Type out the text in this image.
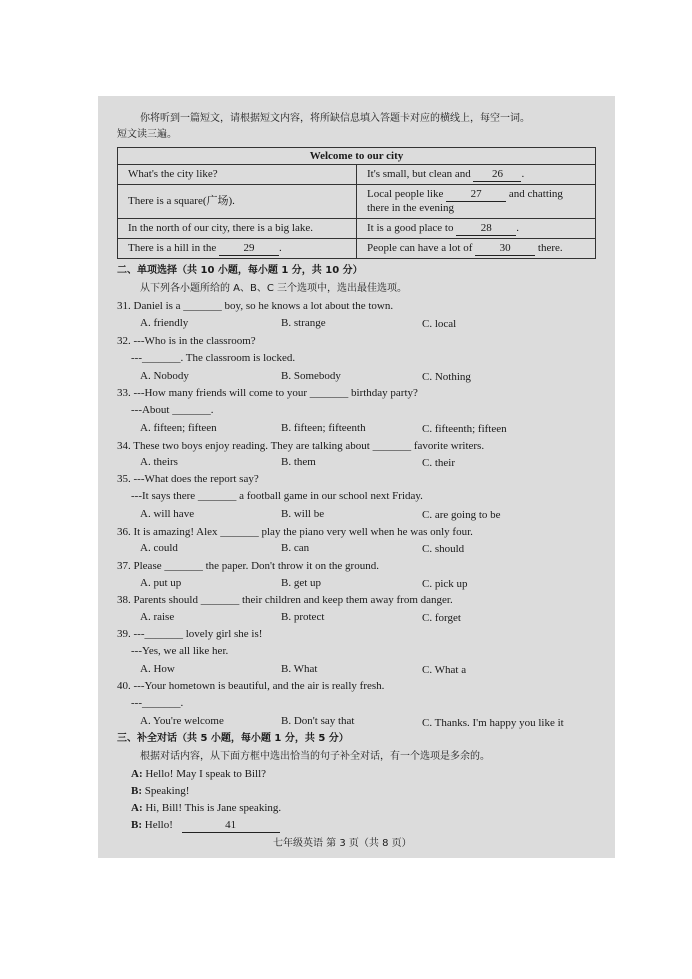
你将听到一篇短文，请根据短文内容，将所缺信息填入答题卡对应的横线上，每空一词。
短文读三遍。
Welcome to our city	
What's the city like?	It's small, but clean and 26 .
There is a square(广场).	Local people like 27 and chatting
there in the evening
In the north of our city, there is a big lake.	It is a good place to 28 .
There is a hill in the 29 .	People can have a lot of 30 there.
二、单项选择（共 10 小题，每小题 1 分，共 10 分）
从下列各小题所给的 A、B、C 三个选项中，选出最佳选项。
31. Daniel is a _______ boy, so he knows a lot about the town.
A. friendly	B. strange	C. local
32. ---Who is in the classroom?
---_______. The classroom is locked.
A. Nobody	B. Somebody	C. Nothing
33. ---How many friends will come to your _______ birthday party?
---About _______.
A. fifteen; fifteen	B. fifteen; fifteenth	C. fifteenth; fifteen
34. These two boys enjoy reading. They are talking about _______ favorite writers.
A. theirs	B. them	C. their
35. ---What does the report say?
---It says there _______ a football game in our school next Friday.
A. will have	B. will be	C. are going to be
36. It is amazing! Alex _______ play the piano very well when he was only four.
A. could	B. can	C. should
37. Please _______ the paper. Don't throw it on the ground.
A. put up	B. get up	C. pick up
38. Parents should _______ their children and keep them away from danger.
A. raise	B. protect	C. forget
39. ---_______ lovely girl she is!
---Yes, we all like her.
A. How	B. What	C. What a
40. ---Your hometown is beautiful, and the air is really fresh.
---_______.
A. You're welcome	B. Don't say that	C. Thanks. I'm happy you like it
三、补全对话（共 5 小题，每小题 1 分，共 5 分）
根据对话内容，从下面方框中选出恰当的句子补全对话，有一个选项是多余的。
A: Hello! May I speak to Bill?
B: Speaking!
A: Hi, Bill! This is Jane speaking.
B: Hello!	41
七年级英语 第 3 页（共 8 页）
